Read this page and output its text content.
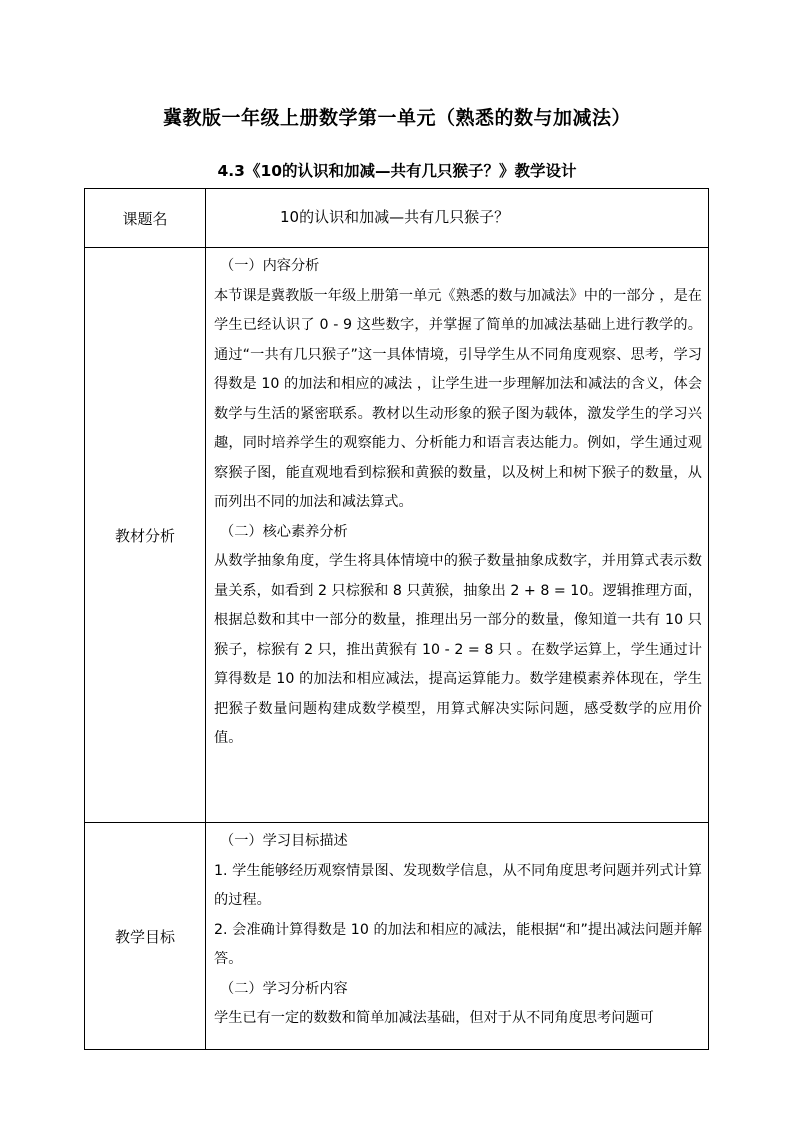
冀教版一年级上册数学第一单元（熟悉的数与加减法）
4.3《10的认识和加减—共有几只猴子？》教学设计
课题名	10的认识和加减—共有几只猴子？
教材分析	（一）内容分析

本节课是冀教版一年级上册第一单元《熟悉的数与加减法》中的一部分 ，是在学生已经认识了 0 - 9 这些数字，并掌握了简单的加减法基础上进行教学的。通过“一共有几只猴子”这一具体情境，引导学生从不同角度观察、思考，学习得数是 10 的加法和相应的减法 ，让学生进一步理解加法和减法的含义，体会数学与生活的紧密联系。教材以生动形象的猴子图为载体，激发学生的学习兴趣，同时培养学生的观察能力、分析能力和语言表达能力。例如，学生通过观察猴子图，能直观地看到棕猴和黄猴的数量，以及树上和树下猴子的数量，从而列出不同的加法和减法算式。

（二）核心素养分析

从数学抽象角度，学生将具体情境中的猴子数量抽象成数字，并用算式表示数量关系，如看到 2 只棕猴和 8 只黄猴，抽象出 2 + 8 = 10。逻辑推理方面，根据总数和其中一部分的数量，推理出另一部分的数量，像知道一共有 10 只猴子，棕猴有 2 只，推出黄猴有 10 - 2 = 8 只 。在数学运算上，学生通过计算得数是 10 的加法和相应减法，提高运算能力。数学建模素养体现在，学生把猴子数量问题构建成数学模型，用算式解决实际问题，感受数学的应用价值。

教学目标	（一）学习目标描述

1. 学生能够经历观察情景图、发现数学信息，从不同角度思考问题并列式计算的过程。

2. 会准确计算得数是 10 的加法和相应的减法，能根据“和”提出减法问题并解答。

（二）学习分析内容

学生已有一定的数数和简单加减法基础，但对于从不同角度思考问题可
